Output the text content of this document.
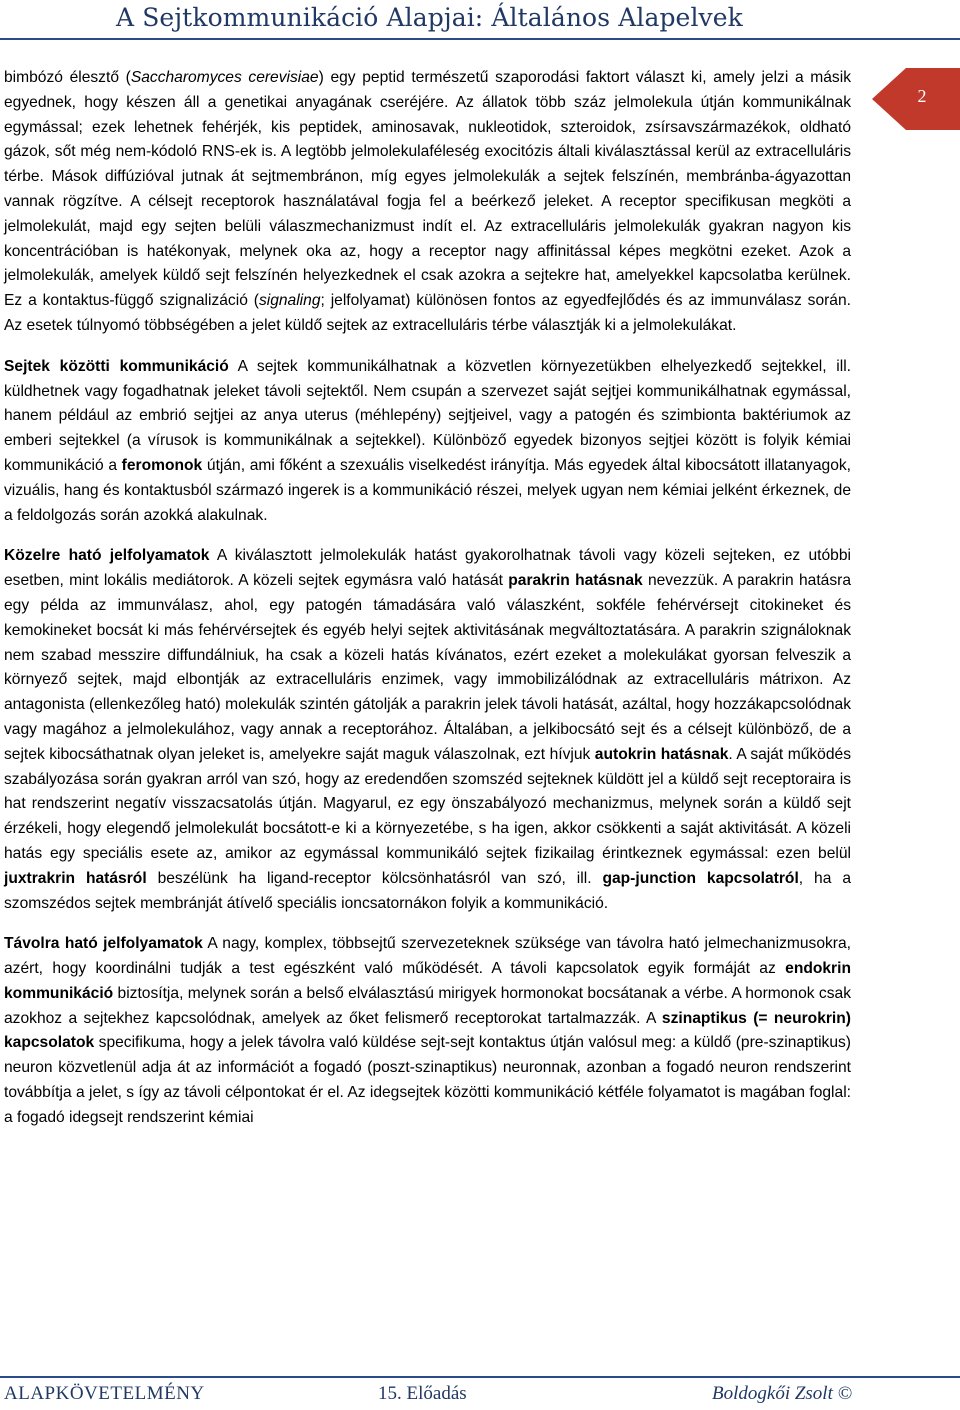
A Sejtkommunikáció Alapjai: Általános Alapelvek
2

bimbózó élesztő (Saccharomyces cerevisiae) egy peptid természetű szaporodási faktort választ ki, amely jelzi a másik egyednek, hogy készen áll a genetikai anyagának cseréjére. Az állatok több száz jelmolekula útján kommunikálnak egymással; ezek lehetnek fehérjék, kis peptidek, aminosavak, nukleotidok, szteroidok, zsírsavszármazékok, oldható gázok, sőt még nem-kódoló RNS-ek is. A legtöbb jelmolekulaféleség exocitózis általi kiválasztással kerül az extracelluláris térbe. Mások diffúzióval jutnak át sejtmembránon, míg egyes jelmolekulák a sejtek felszínén, membránba-ágyazottan vannak rögzítve. A célsejt receptorok használatával fogja fel a beérkező jeleket. A receptor specifikusan megköti a jelmolekulát, majd egy sejten belüli válaszmechanizmust indít el. Az extracelluláris jelmolekulák gyakran nagyon kis koncentrációban is hatékonyak, melynek oka az, hogy a receptor nagy affinitással képes megkötni ezeket. Azok a jelmolekulák, amelyek küldő sejt felszínén helyezkednek el csak azokra a sejtekre hat, amelyekkel kapcsolatba kerülnek. Ez a kontaktus-függő szignalizáció (signaling; jelfolyamat) különösen fontos az egyedfejlődés és az immunválasz során. Az esetek túlnyomó többségében a jelet küldő sejtek az extracelluláris térbe választják ki a jelmolekulákat.

Sejtek közötti kommunikáció A sejtek kommunikálhatnak a közvetlen környezetükben elhelyezkedő sejtekkel, ill. küldhetnek vagy fogadhatnak jeleket távoli sejtektől. Nem csupán a szervezet saját sejtjei kommunikálhatnak egymással, hanem például az embrió sejtjei az anya uterus (méhlepény) sejtjeivel, vagy a patogén és szimbionta baktériumok az emberi sejtekkel (a vírusok is kommunikálnak a sejtekkel). Különböző egyedek bizonyos sejtjei között is folyik kémiai kommunikáció a feromonok útján, ami főként a szexuális viselkedést irányítja. Más egyedek által kibocsátott illatanyagok, vizuális, hang és kontaktusból származó ingerek is a kommunikáció részei, melyek ugyan nem kémiai jelként érkeznek, de a feldolgozás során azokká alakulnak.

Közelre ható jelfolyamatok A kiválasztott jelmolekulák hatást gyakorolhatnak távoli vagy közeli sejteken, ez utóbbi esetben, mint lokális mediátorok. A közeli sejtek egymásra való hatását parakrin hatásnak nevezzük. A parakrin hatásra egy példa az immunválasz, ahol, egy patogén támadására való válaszként, sokféle fehérvérsejt citokineket és kemokineket bocsát ki más fehérvérsejtek és egyéb helyi sejtek aktivitásának megváltoztatására. A parakrin szignáloknak nem szabad messzire diffundálniuk, ha csak a közeli hatás kívánatos, ezért ezeket a molekulákat gyorsan felveszik a környező sejtek, majd elbontják az extracelluláris enzimek, vagy immobilizálódnak az extracelluláris mátrixon. Az antagonista (ellenkezőleg ható) molekulák szintén gátolják a parakrin jelek távoli hatását, azáltal, hogy hozzákapcsolódnak vagy magához a jelmolekulához, vagy annak a receptorához. Általában, a jelkibocsátó sejt és a célsejt különböző, de a sejtek kibocsáthatnak olyan jeleket is, amelyekre saját maguk válaszolnak, ezt hívjuk autokrin hatásnak. A saját működés szabályozása során gyakran arról van szó, hogy az eredendően szomszéd sejteknek küldött jel a küldő sejt receptoraira is hat rendszerint negatív visszacsatolás útján. Magyarul, ez egy önszabályozó mechanizmus, melynek során a küldő sejt érzékeli, hogy elegendő jelmolekulát bocsátott-e ki a környezetébe, s ha igen, akkor csökkenti a saját aktivitását. A közeli hatás egy speciális esete az, amikor az egymással kommunikáló sejtek fizikailag érintkeznek egymással: ezen belül juxtrakrin hatásról beszélünk ha ligand-receptor kölcsönhatásról van szó, ill. gap-junction kapcsolatról, ha a szomszédos sejtek membránját átívelő speciális ioncsatornákon folyik a kommunikáció.

Távolra ható jelfolyamatok A nagy, komplex, többsejtű szervezeteknek szüksége van távolra ható jelmechanizmusokra, azért, hogy koordinálni tudják a test egészként való működését. A távoli kapcsolatok egyik formáját az endokrin kommunikáció biztosítja, melynek során a belső elválasztású mirigyek hormonokat bocsátanak a vérbe. A hormonok csak azokhoz a sejtekhez kapcsolódnak, amelyek az őket felismerő receptorokat tartalmazzák. A szinaptikus (= neurokrin) kapcsolatok specifikuma, hogy a jelek távolra való küldése sejt-sejt kontaktus útján valósul meg: a küldő (pre-szinaptikus) neuron közvetlenül adja át az információt a fogadó (poszt-szinaptikus) neuronnak, azonban a fogadó neuron rendszerint továbbítja a jelet, s így az távoli célpontokat ér el. Az idegsejtek közötti kommunikáció kétféle folyamatot is magában foglal: a fogadó idegsejt rendszerint kémiai

ALAPKÖVETELMÉNY	15. Előadás	Boldogkői Zsolt ©
